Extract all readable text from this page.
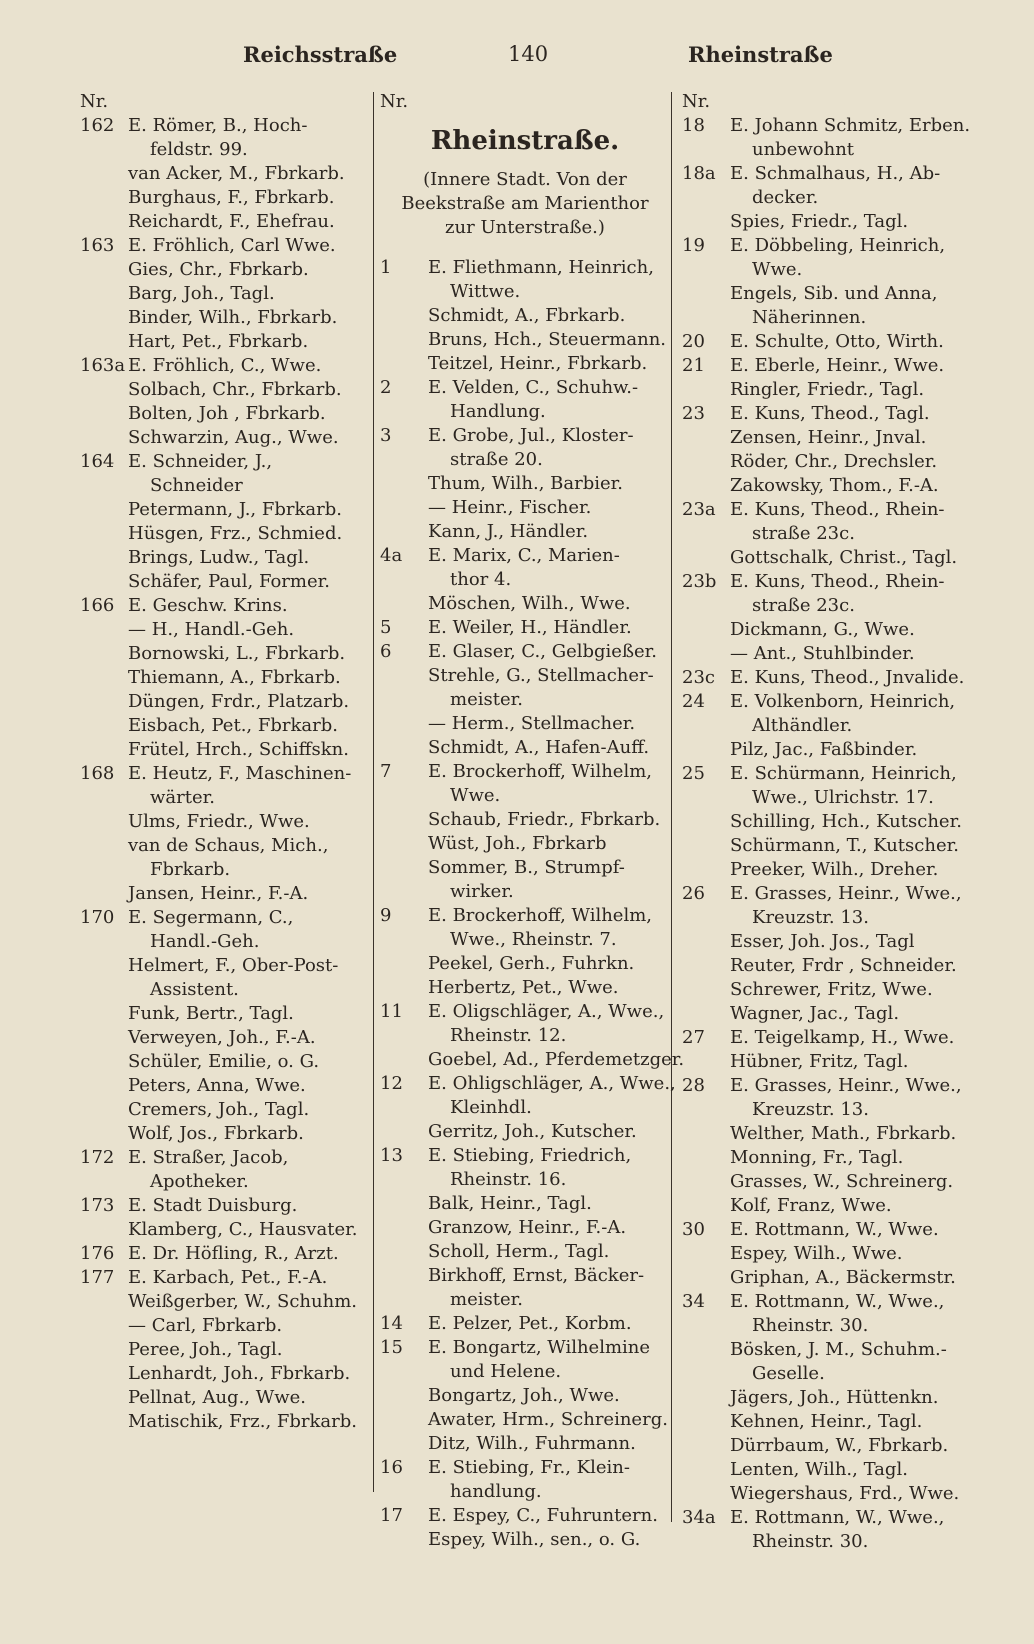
Reichsstraße	140	Rheinstraße
Nr.
162 E. Römer, B., Hoch-
feldstr. 99.
van Acker, M., Fbrkarb.
Burghaus, F., Fbrkarb.
Reichardt, F., Ehefrau.
163 E. Fröhlich, Carl Wwe.
Gies, Chr., Fbrkarb.
Barg, Joh., Tagl.
Binder, Wilh., Fbrkarb.
Hart, Pet., Fbrkarb.
163a E. Fröhlich, C., Wwe.
Solbach, Chr., Fbrkarb.
Bolten, Joh , Fbrkarb.
Schwarzin, Aug., Wwe.
164 E. Schneider, J.,
Schneider
Petermann, J., Fbrkarb.
Hüsgen, Frz., Schmied.
Brings, Ludw., Tagl.
Schäfer, Paul, Former.
166 E. Geschw. Krins.
— H., Handl.-Geh.
Bornowski, L., Fbrkarb.
Thiemann, A., Fbrkarb.
Düngen, Frdr., Platzarb.
Eisbach, Pet., Fbrkarb.
Frütel, Hrch., Schiffskn.
168 E. Heutz, F., Maschinen-
wärter.
Ulms, Friedr., Wwe.
van de Schaus, Mich.,
Fbrkarb.
Jansen, Heinr., F.-A.
170 E. Segermann, C.,
Handl.-Geh.
Helmert, F., Ober-Post-
Assistent.
Funk, Bertr., Tagl.
Verweyen, Joh., F.-A.
Schüler, Emilie, o. G.
Peters, Anna, Wwe.
Cremers, Joh., Tagl.
Wolf, Jos., Fbrkarb.
172 E. Straßer, Jacob,
Apotheker.
173 E. Stadt Duisburg.
Klamberg, C., Hausvater.
176 E. Dr. Höfling, R., Arzt.
177 E. Karbach, Pet., F.-A.
Weißgerber, W., Schuhm.
— Carl, Fbrkarb.
Peree, Joh., Tagl.
Lenhardt, Joh., Fbrkarb.
Pellnat, Aug., Wwe.
Matischik, Frz., Fbrkarb.
Nr.
Rheinstraße.
(Innere Stadt. Von der Beekstraße am Marienthor zur Unterstraße.)
1 E. Fliethmann, Heinrich,
Wittwe.
Schmidt, A., Fbrkarb.
Bruns, Hch., Steuermann.
Teitzel, Heinr., Fbrkarb.
2 E. Velden, C., Schuhw.-
Handlung.
3 E. Grobe, Jul., Kloster-
straße 20.
Thum, Wilh., Barbier.
— Heinr., Fischer.
Kann, J., Händler.
4a E. Marix, C., Marien-
thor 4.
Möschen, Wilh., Wwe.
5 E. Weiler, H., Händler.
6 E. Glaser, C., Gelbgießer.
Strehle, G., Stellmacher-
meister.
— Herm., Stellmacher.
Schmidt, A., Hafen-Auff.
7 E. Brockerhoff, Wilhelm,
Wwe.
Schaub, Friedr., Fbrkarb.
Wüst, Joh., Fbrkarb
Sommer, B., Strumpf-
wirker.
9 E. Brockerhoff, Wilhelm,
Wwe., Rheinstr. 7.
Peekel, Gerh., Fuhrkn.
Herbertz, Pet., Wwe.
11 E. Oligschläger, A., Wwe.,
Rheinstr. 12.
Goebel, Ad., Pferdemetzger.
12 E. Ohligschläger, A., Wwe.,
Kleinhdl.
Gerritz, Joh., Kutscher.
13 E. Stiebing, Friedrich,
Rheinstr. 16.
Balk, Heinr., Tagl.
Granzow, Heinr., F.-A.
Scholl, Herm., Tagl.
Birkhoff, Ernst, Bäcker-
meister.
14 E. Pelzer, Pet., Korbm.
15 E. Bongartz, Wilhelmine
und Helene.
Bongartz, Joh., Wwe.
Awater, Hrm., Schreinerg.
Ditz, Wilh., Fuhrmann.
16 E. Stiebing, Fr., Klein-
handlung.
17 E. Espey, C., Fuhruntern.
Espey, Wilh., sen., o. G.
Nr.
18 E. Johann Schmitz, Erben.
unbewohnt
18a E. Schmalhaus, H., Ab-
decker.
Spies, Friedr., Tagl.
19 E. Döbbeling, Heinrich,
Wwe.
Engels, Sib. und Anna,
Näherinnen.
20 E. Schulte, Otto, Wirth.
21 E. Eberle, Heinr., Wwe.
Ringler, Friedr., Tagl.
23 E. Kuns, Theod., Tagl.
Zensen, Heinr., Jnval.
Röder, Chr., Drechsler.
Zakowsky, Thom., F.-A.
23a E. Kuns, Theod., Rhein-
straße 23c.
Gottschalk, Christ., Tagl.
23b E. Kuns, Theod., Rhein-
straße 23c.
Dickmann, G., Wwe.
— Ant., Stuhlbinder.
23c E. Kuns, Theod., Jnvalide.
24 E. Volkenborn, Heinrich,
Althändler.
Pilz, Jac., Faßbinder.
25 E. Schürmann, Heinrich,
Wwe., Ulrichstr. 17.
Schilling, Hch., Kutscher.
Schürmann, T., Kutscher.
Preeker, Wilh., Dreher.
26 E. Grasses, Heinr., Wwe.,
Kreuzstr. 13.
Esser, Joh. Jos., Tagl
Reuter, Frdr , Schneider.
Schrewer, Fritz, Wwe.
Wagner, Jac., Tagl.
27 E. Teigelkamp, H., Wwe.
Hübner, Fritz, Tagl.
28 E. Grasses, Heinr., Wwe.,
Kreuzstr. 13.
Welther, Math., Fbrkarb.
Monning, Fr., Tagl.
Grasses, W., Schreinerg.
Kolf, Franz, Wwe.
30 E. Rottmann, W., Wwe.
Espey, Wilh., Wwe.
Griphan, A., Bäckermstr.
34 E. Rottmann, W., Wwe.,
Rheinstr. 30.
Bösken, J. M., Schuhm.-
Geselle.
Jägers, Joh., Hüttenkn.
Kehnen, Heinr., Tagl.
Dürrbaum, W., Fbrkarb.
Lenten, Wilh., Tagl.
Wiegershaus, Frd., Wwe.
34a E. Rottmann, W., Wwe.,
Rheinstr. 30.
